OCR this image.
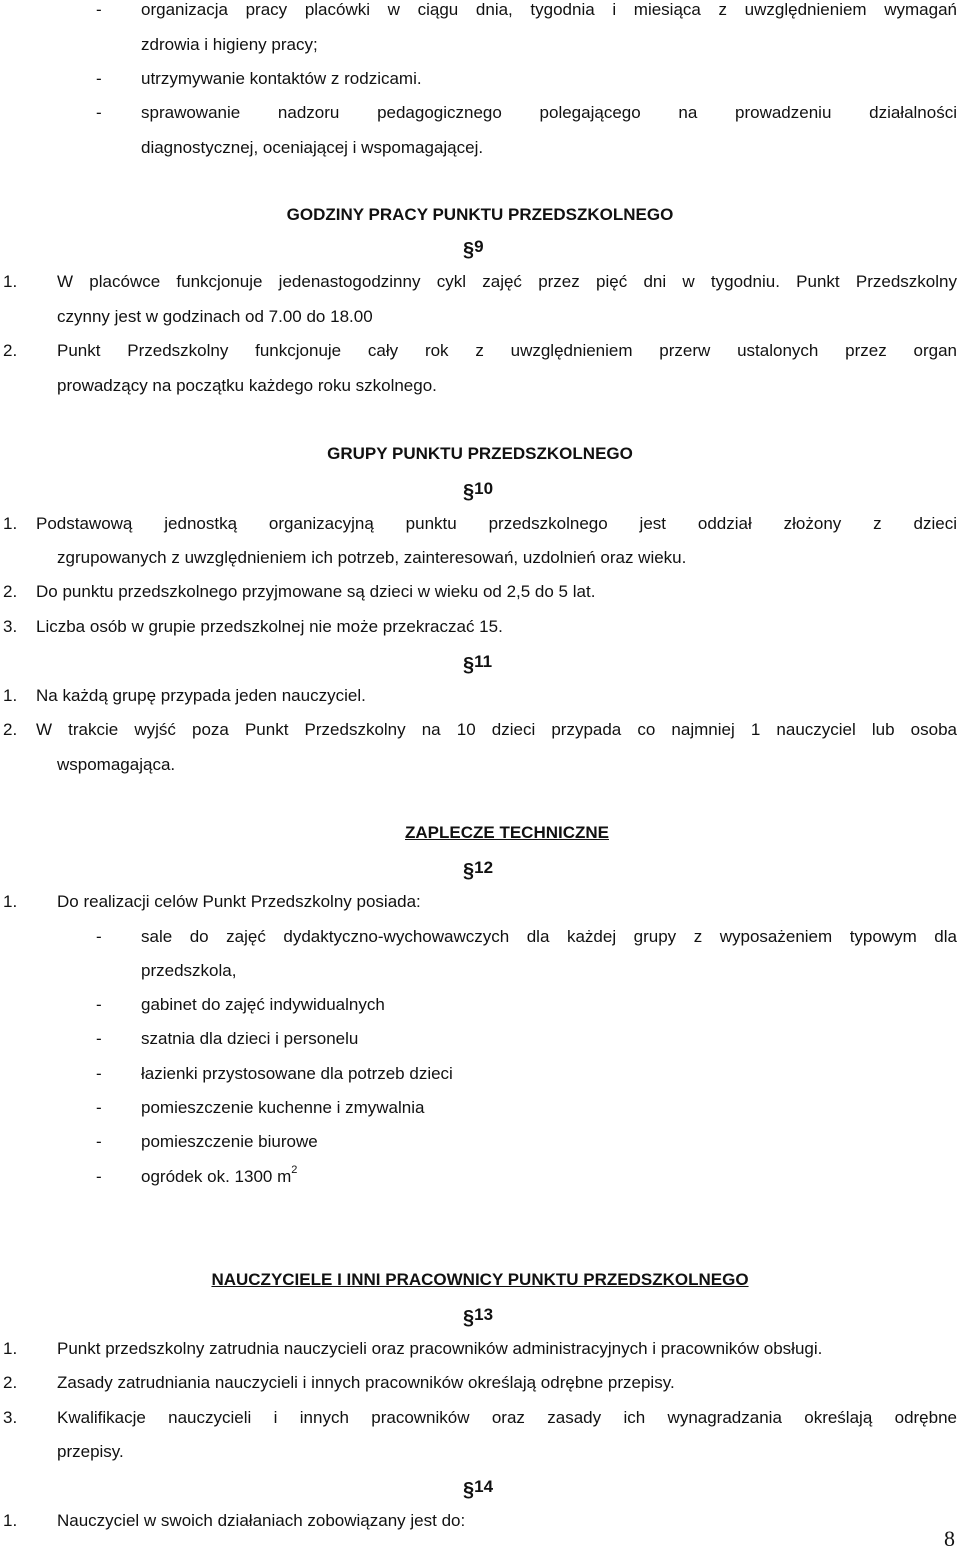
- organizacja pracy placówki w ciągu dnia, tygodnia i miesiąca z uwzględnieniem wymagań
zdrowia i higieny pracy;
- utrzymywanie kontaktów z rodzicami.
- sprawowanie nadzoru pedagogicznego polegającego na prowadzeniu działalności
diagnostycznej, oceniającej i wspomagającej.
GODZINY PRACY PUNKTU PRZEDSZKOLNEGO
§9
1. W placówce funkcjonuje jedenastogodzinny cykl zajęć przez pięć dni w tygodniu. Punkt Przedszkolny
czynny jest w godzinach od 7.00 do 18.00
2. Punkt Przedszkolny funkcjonuje cały rok z uwzględnieniem przerw ustalonych przez organ
prowadzący na początku każdego roku szkolnego.
GRUPY PUNKTU PRZEDSZKOLNEGO
§10
1. Podstawową jednostką organizacyjną punktu przedszkolnego jest oddział złożony z dzieci
zgrupowanych z uwzględnieniem ich potrzeb, zainteresowań, uzdolnień oraz wieku.
2. Do punktu przedszkolnego przyjmowane są dzieci w wieku od 2,5 do 5 lat.
3. Liczba osób w grupie przedszkolnej nie może przekraczać 15.
§11
1. Na każdą grupę przypada jeden nauczyciel.
2. W trakcie wyjść poza Punkt Przedszkolny na 10 dzieci przypada co najmniej 1 nauczyciel lub osoba
wspomagająca.
ZAPLECZE TECHNICZNE
§12
1. Do realizacji celów Punkt Przedszkolny posiada:
- sale do zajęć dydaktyczno-wychowawczych dla każdej grupy z wyposażeniem typowym dla
przedszkola,
- gabinet do zajęć indywidualnych
- szatnia dla dzieci i personelu
- łazienki przystosowane dla potrzeb dzieci
- pomieszczenie kuchenne i zmywalnia
- pomieszczenie biurowe
- ogródek ok. 1300 $m^2$
NAUCZYCIELE I INNI PRACOWNICY PUNKTU PRZEDSZKOLNEGO
§13
1. Punkt przedszkolny zatrudnia nauczycieli oraz pracowników administracyjnych i pracowników obsługi.
2. Zasady zatrudniania nauczycieli i innych pracowników określają odrębne przepisy.
3. Kwalifikacje nauczycieli i innych pracowników oraz zasady ich wynagradzania określają odrębne
przepisy.
§14
1. Nauczyciel w swoich działaniach zobowiązany jest do:
8
